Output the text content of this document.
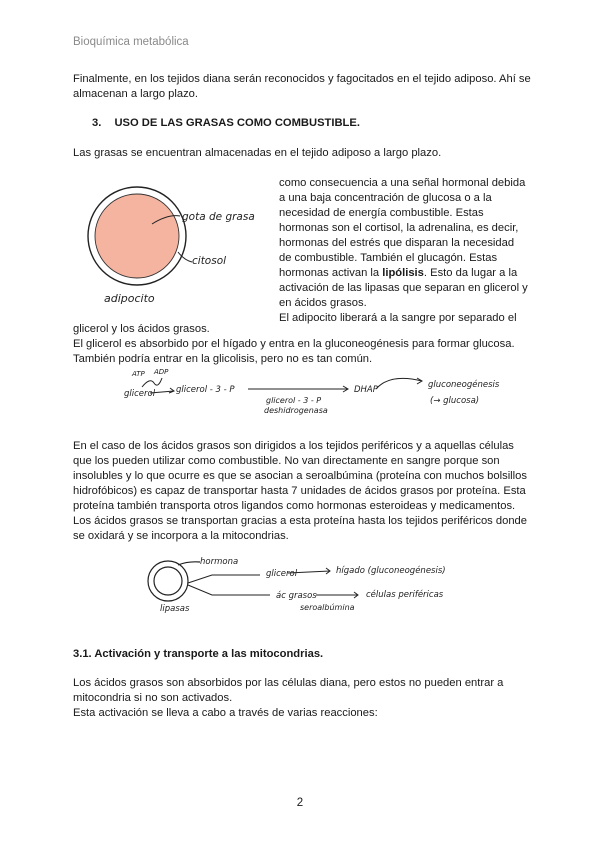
Bioquímica metabólica
Finalmente, en los tejidos diana serán reconocidos y fagocitados en el tejido adiposo. Ahí se
almacenan a largo plazo.
3. USO DE LAS GRASAS COMO COMBUSTIBLE.
Las grasas se encuentran almacenadas en el tejido adiposo a largo plazo.
gota de grasa
citosol
adipocito
como consecuencia a una señal hormonal debida
a una baja concentración de glucosa o a la
necesidad de energía combustible. Estas
hormonas son el cortisol, la adrenalina, es decir,
hormonas del estrés que disparan la necesidad
de combustible. También el glucagón. Estas
hormonas activan la lipólisis. Esto da lugar a la
activación de las lipasas que separan en glicerol y
en ácidos grasos.
El adipocito liberará a la sangre por separado el
glicerol y los ácidos grasos.
El glicerol es absorbido por el hígado y entra en la gluconeogénesis para formar glucosa.
También podría entrar en la glicolisis, pero no es tan común.
glicerol
ATP ADP
glicerol - 3 - P
glicerol - 3 - P
deshidrogenasa
DHAP	gluconeogénesis
(→ glucosa)
En el caso de los ácidos grasos son dirigidos a los tejidos periféricos y a aquellas células
que los pueden utilizar como combustible. No van directamente en sangre porque son
insolubles y lo que ocurre es que se asocian a seroalbúmina (proteína con muchos bolsillos
hidrofóbicos) es capaz de transportar hasta 7 unidades de ácidos grasos por proteína. Esta
proteína también transporta otros ligandos como hormonas esteroideas y medicamentos.
Los ácidos grasos se transportan gracias a esta proteína hasta los tejidos periféricos donde
se oxidará y se incorpora a la mitocondrias.
hormona
lipasas
glicerol	hígado (gluconeogénesis)
ác grasos
seroalbúmina
células periféricas
3.1. Activación y transporte a las mitocondrias.
Los ácidos grasos son absorbidos por las células diana, pero estos no pueden entrar a
mitocondria si no son activados.
Esta activación se lleva a cabo a través de varias reacciones:
2
